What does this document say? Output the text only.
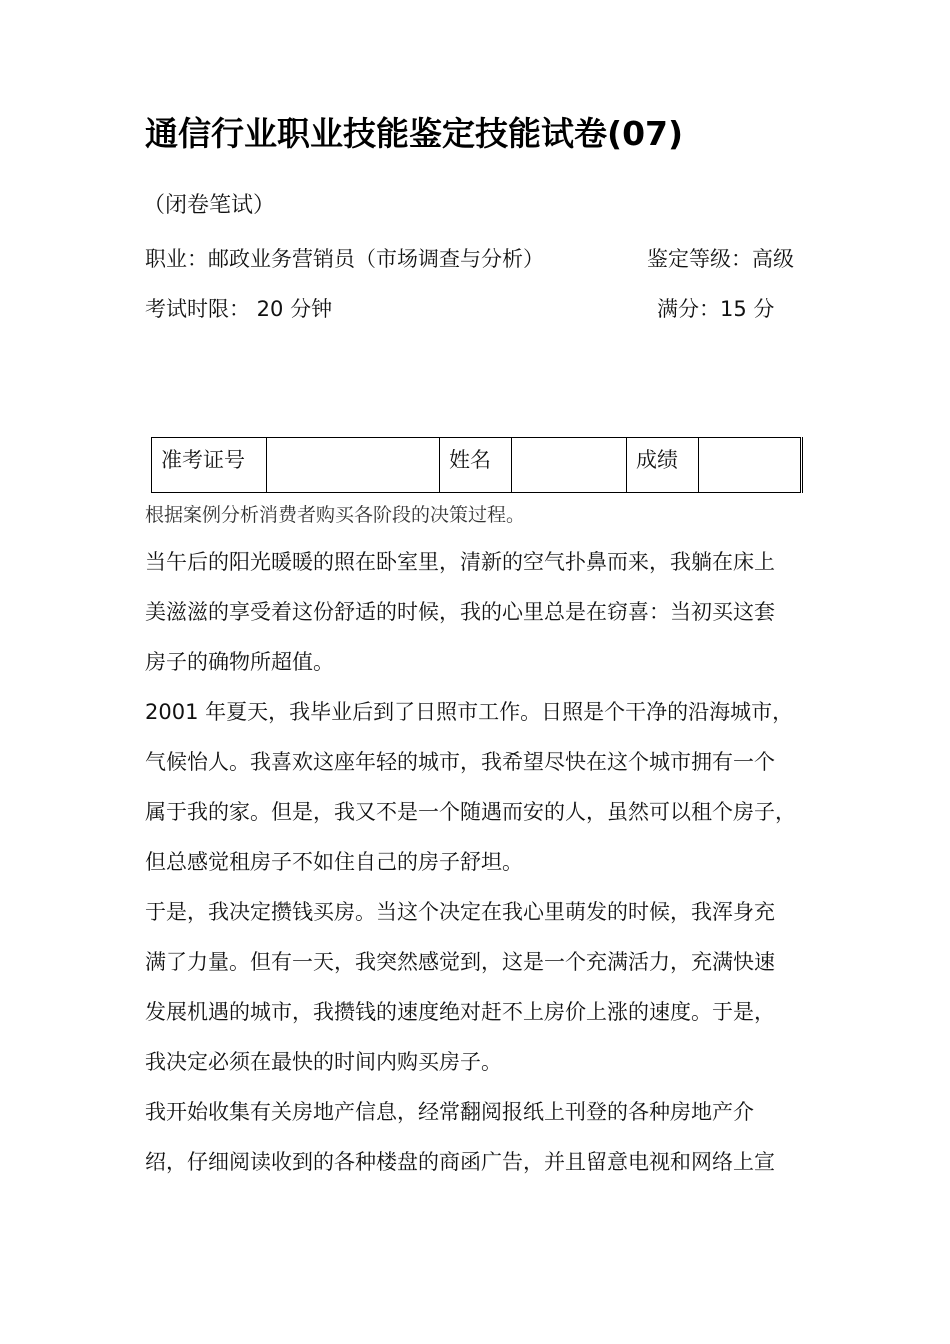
通信行业职业技能鉴定技能试卷(07)
（闭卷笔试）
职业：邮政业务营销员（市场调查与分析）	鉴定等级：高级
考试时限： 20 分钟	满分：15 分
准考证号		姓名		成绩	
根据案例分析消费者购买各阶段的决策过程。
当午后的阳光暖暖的照在卧室里，清新的空气扑鼻而来，我躺在床上
美滋滋的享受着这份舒适的时候，我的心里总是在窃喜：当初买这套
房子的确物所超值。
2001 年夏天，我毕业后到了日照市工作。日照是个干净的沿海城市，
气候怡人。我喜欢这座年轻的城市，我希望尽快在这个城市拥有一个
属于我的家。但是，我又不是一个随遇而安的人，虽然可以租个房子，
但总感觉租房子不如住自己的房子舒坦。
于是，我决定攒钱买房。当这个决定在我心里萌发的时候，我浑身充
满了力量。但有一天，我突然感觉到，这是一个充满活力，充满快速
发展机遇的城市，我攒钱的速度绝对赶不上房价上涨的速度。于是，
我决定必须在最快的时间内购买房子。
我开始收集有关房地产信息，经常翻阅报纸上刊登的各种房地产介
绍，仔细阅读收到的各种楼盘的商函广告，并且留意电视和网络上宣
